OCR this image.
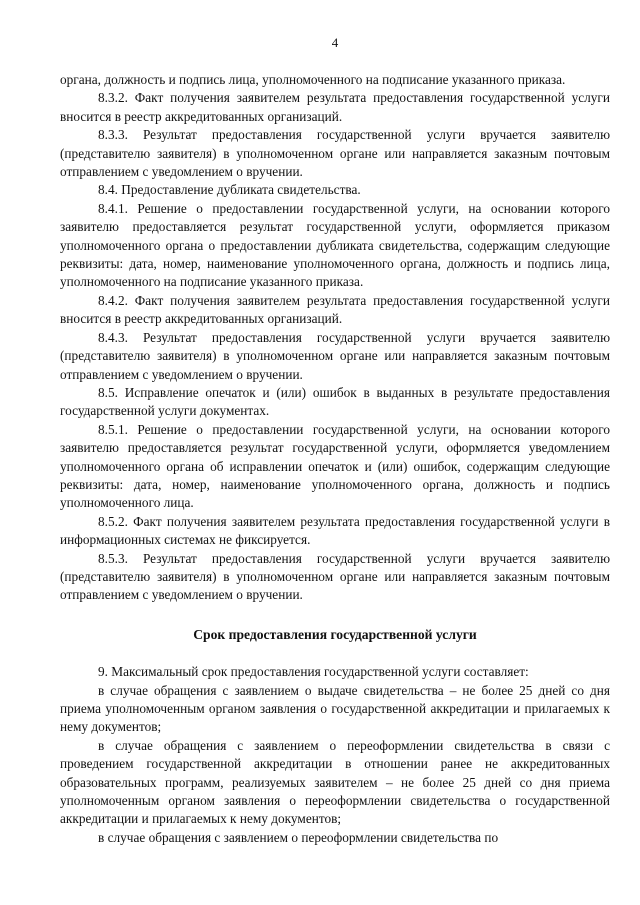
4

органа, должность и подпись лица, уполномоченного на подписание указанного приказа.

8.3.2. Факт получения заявителем результата предоставления государственной услуги вносится в реестр аккредитованных организаций.

8.3.3. Результат предоставления государственной услуги вручается заявителю (представителю заявителя) в уполномоченном органе или направляется заказным почтовым отправлением с уведомлением о вручении.

8.4. Предоставление дубликата свидетельства.

8.4.1. Решение о предоставлении государственной услуги, на основании которого заявителю предоставляется результат государственной услуги, оформляется приказом уполномоченного органа о предоставлении дубликата свидетельства, содержащим следующие реквизиты: дата, номер, наименование уполномоченного органа, должность и подпись лица, уполномоченного на подписание указанного приказа.

8.4.2. Факт получения заявителем результата предоставления государственной услуги вносится в реестр аккредитованных организаций.

8.4.3. Результат предоставления государственной услуги вручается заявителю (представителю заявителя) в уполномоченном органе или направляется заказным почтовым отправлением с уведомлением о вручении.

8.5. Исправление опечаток и (или) ошибок в выданных в результате предоставления государственной услуги документах.

8.5.1. Решение о предоставлении государственной услуги, на основании которого заявителю предоставляется результат государственной услуги, оформляется уведомлением уполномоченного органа об исправлении опечаток и (или) ошибок, содержащим следующие реквизиты: дата, номер, наименование уполномоченного органа, должность и подпись уполномоченного лица.

8.5.2. Факт получения заявителем результата предоставления государственной услуги в информационных системах не фиксируется.

8.5.3. Результат предоставления государственной услуги вручается заявителю (представителю заявителя) в уполномоченном органе или направляется заказным почтовым отправлением с уведомлением о вручении.

Срок предоставления государственной услуги

9. Максимальный срок предоставления государственной услуги составляет:

в случае обращения с заявлением о выдаче свидетельства – не более 25 дней со дня приема уполномоченным органом заявления о государственной аккредитации и прилагаемых к нему документов;

в случае обращения с заявлением о переоформлении свидетельства в связи с проведением государственной аккредитации в отношении ранее не аккредитованных образовательных программ, реализуемых заявителем – не более 25 дней со дня приема уполномоченным органом заявления о переоформлении свидетельства о государственной аккредитации и прилагаемых к нему документов;

в случае обращения с заявлением о переоформлении свидетельства по
